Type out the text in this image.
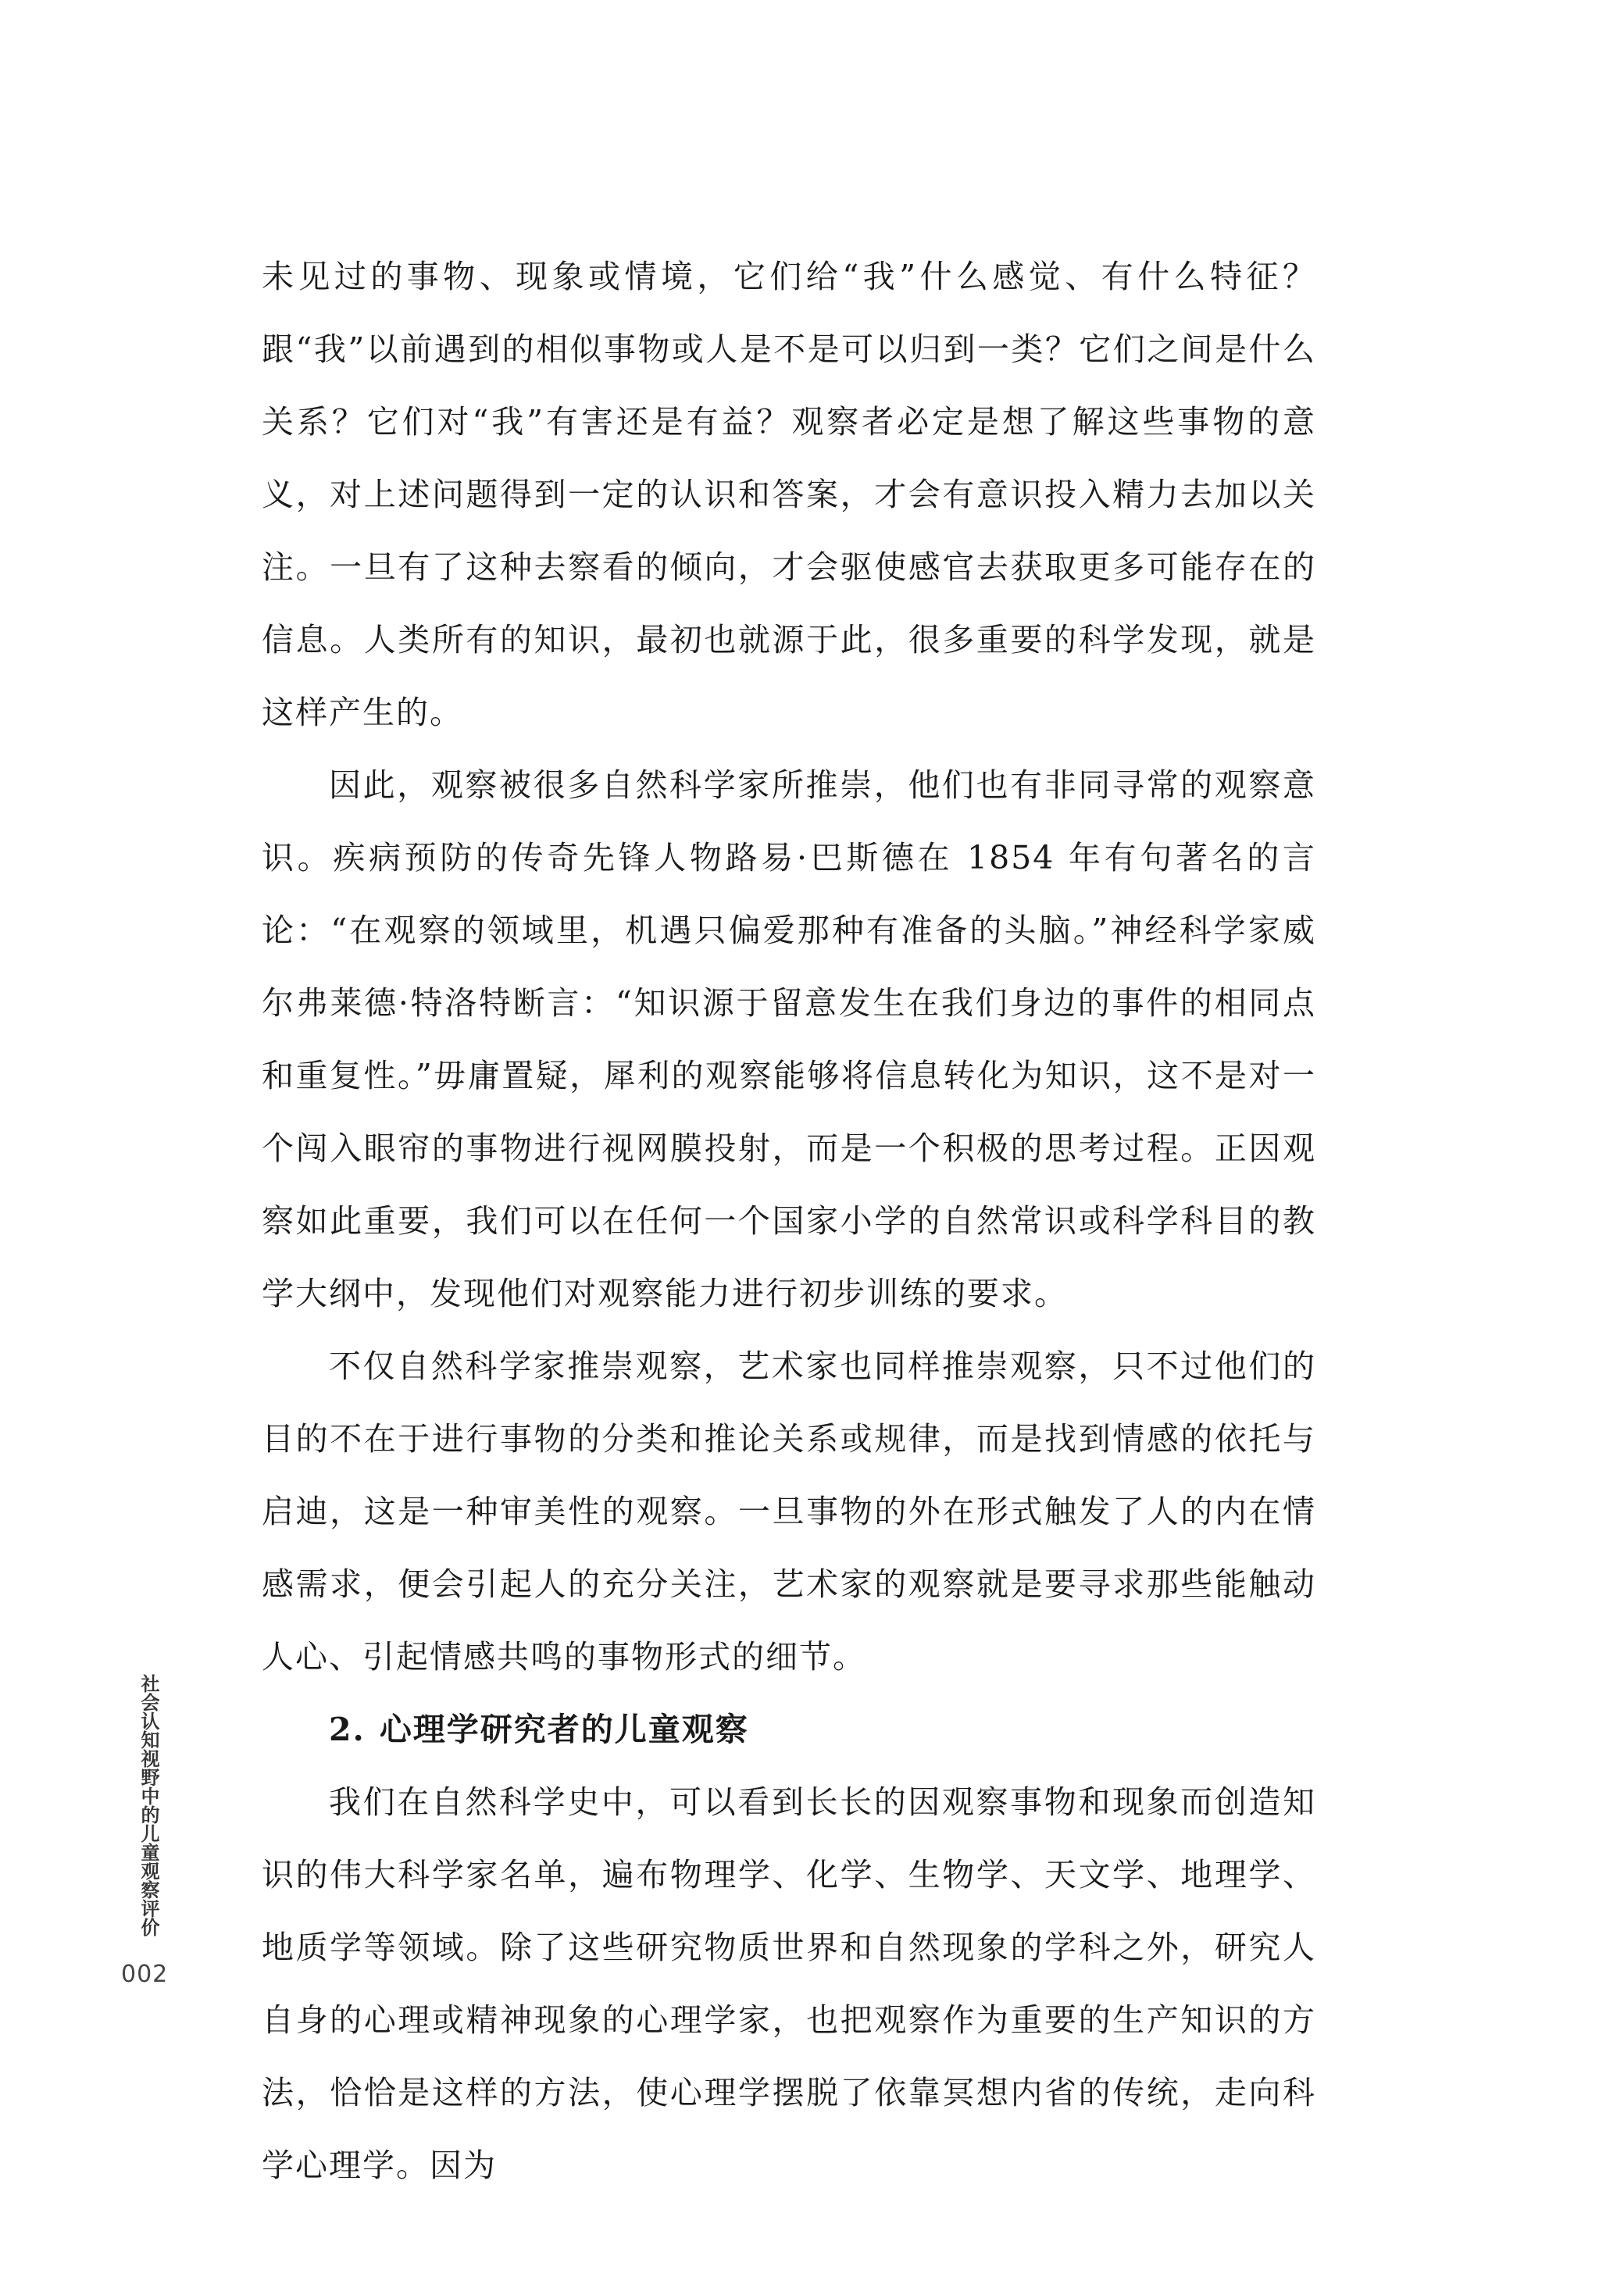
未见过的事物、现象或情境，它们给“我”什么感觉、有什么特征？跟“我”以前遇到的相似事物或人是不是可以归到一类？它们之间是什么关系？它们对“我”有害还是有益？观察者必定是想了解这些事物的意义，对上述问题得到一定的认识和答案，才会有意识投入精力去加以关注。一旦有了这种去察看的倾向，才会驱使感官去获取更多可能存在的信息。人类所有的知识，最初也就源于此，很多重要的科学发现，就是这样产生的。

因此，观察被很多自然科学家所推崇，他们也有非同寻常的观察意识。疾病预防的传奇先锋人物路易·巴斯德在 1854 年有句著名的言论：“在观察的领域里，机遇只偏爱那种有准备的头脑。”神经科学家威尔弗莱德·特洛特断言：“知识源于留意发生在我们身边的事件的相同点和重复性。”毋庸置疑，犀利的观察能够将信息转化为知识，这不是对一个闯入眼帘的事物进行视网膜投射，而是一个积极的思考过程。正因观察如此重要，我们可以在任何一个国家小学的自然常识或科学科目的教学大纲中，发现他们对观察能力进行初步训练的要求。

不仅自然科学家推崇观察，艺术家也同样推崇观察，只不过他们的目的不在于进行事物的分类和推论关系或规律，而是找到情感的依托与启迪，这是一种审美性的观察。一旦事物的外在形式触发了人的内在情感需求，便会引起人的充分关注，艺术家的观察就是要寻求那些能触动人心、引起情感共鸣的事物形式的细节。

2. 心理学研究者的儿童观察

我们在自然科学史中，可以看到长长的因观察事物和现象而创造知识的伟大科学家名单，遍布物理学、化学、生物学、天文学、地理学、地质学等领域。除了这些研究物质世界和自然现象的学科之外，研究人自身的心理或精神现象的心理学家，也把观察作为重要的生产知识的方法，恰恰是这样的方法，使心理学摆脱了依靠冥想内省的传统，走向科学心理学。因为

社会认知视野中的儿童观察评价
002
